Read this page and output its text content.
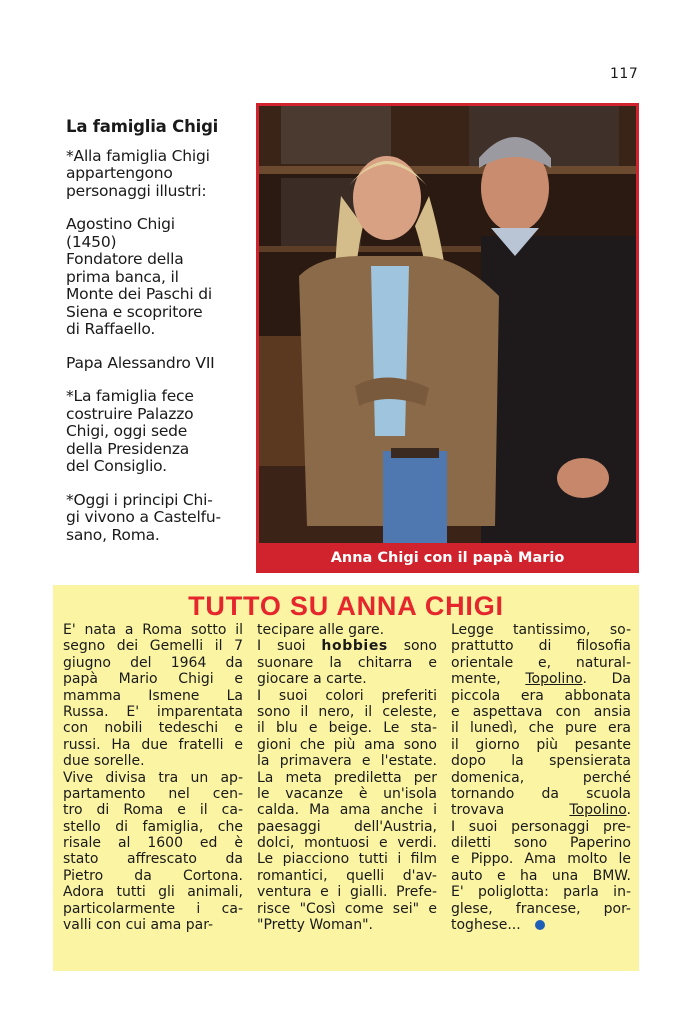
117
La famiglia Chigi
*Alla famiglia Chigi
appartengono
personaggi illustri:
Agostino Chigi
(1450)
Fondatore della
prima banca, il
Monte dei Paschi di
Siena e scopritore
di Raffaello.
Papa Alessandro VII
*La famiglia fece
costruire Palazzo
Chigi, oggi sede
della Presidenza
del Consiglio.
*Oggi i principi Chi-
gi vivono a Castelfu-
sano, Roma.
Anna Chigi con il papà Mario
TUTTO SU ANNA CHIGI
E' nata a Roma sotto il
segno dei Gemelli il 7
giugno del 1964 da
papà Mario Chigi e
mamma Ismene La
Russa. E' imparentata
con nobili tedeschi e
russi. Ha due fratelli e
due sorelle.
Vive divisa tra un ap-
partamento nel cen-
tro di Roma e il ca-
stello di famiglia, che
risale al 1600 ed è
stato affrescato da
Pietro da Cortona.
Adora tutti gli animali,
particolarmente i ca-
valli con cui ama par-
tecipare alle gare.
I suoi hobbies sono
suonare la chitarra e
giocare a carte.
I suoi colori preferiti
sono il nero, il celeste,
il blu e beige. Le sta-
gioni che più ama sono
la primavera e l'estate.
La meta prediletta per
le vacanze è un'isola
calda. Ma ama anche i
paesaggi dell'Austria,
dolci, montuosi e verdi.
Le piacciono tutti i film
romantici, quelli d'av-
ventura e i gialli. Prefe-
risce "Così come sei" e
"Pretty Woman".
Legge tantissimo, so-
prattutto di filosofia
orientale e, natural-
mente, Topolino. Da
piccola era abbonata
e aspettava con ansia
il lunedì, che pure era
il giorno più pesante
dopo la spensierata
domenica, perché
tornando da scuola
trovava Topolino.
I suoi personaggi pre-
diletti sono Paperino
e Pippo. Ama molto le
auto e ha una BMW.
E' poliglotta: parla in-
glese, francese, por-
toghese...
